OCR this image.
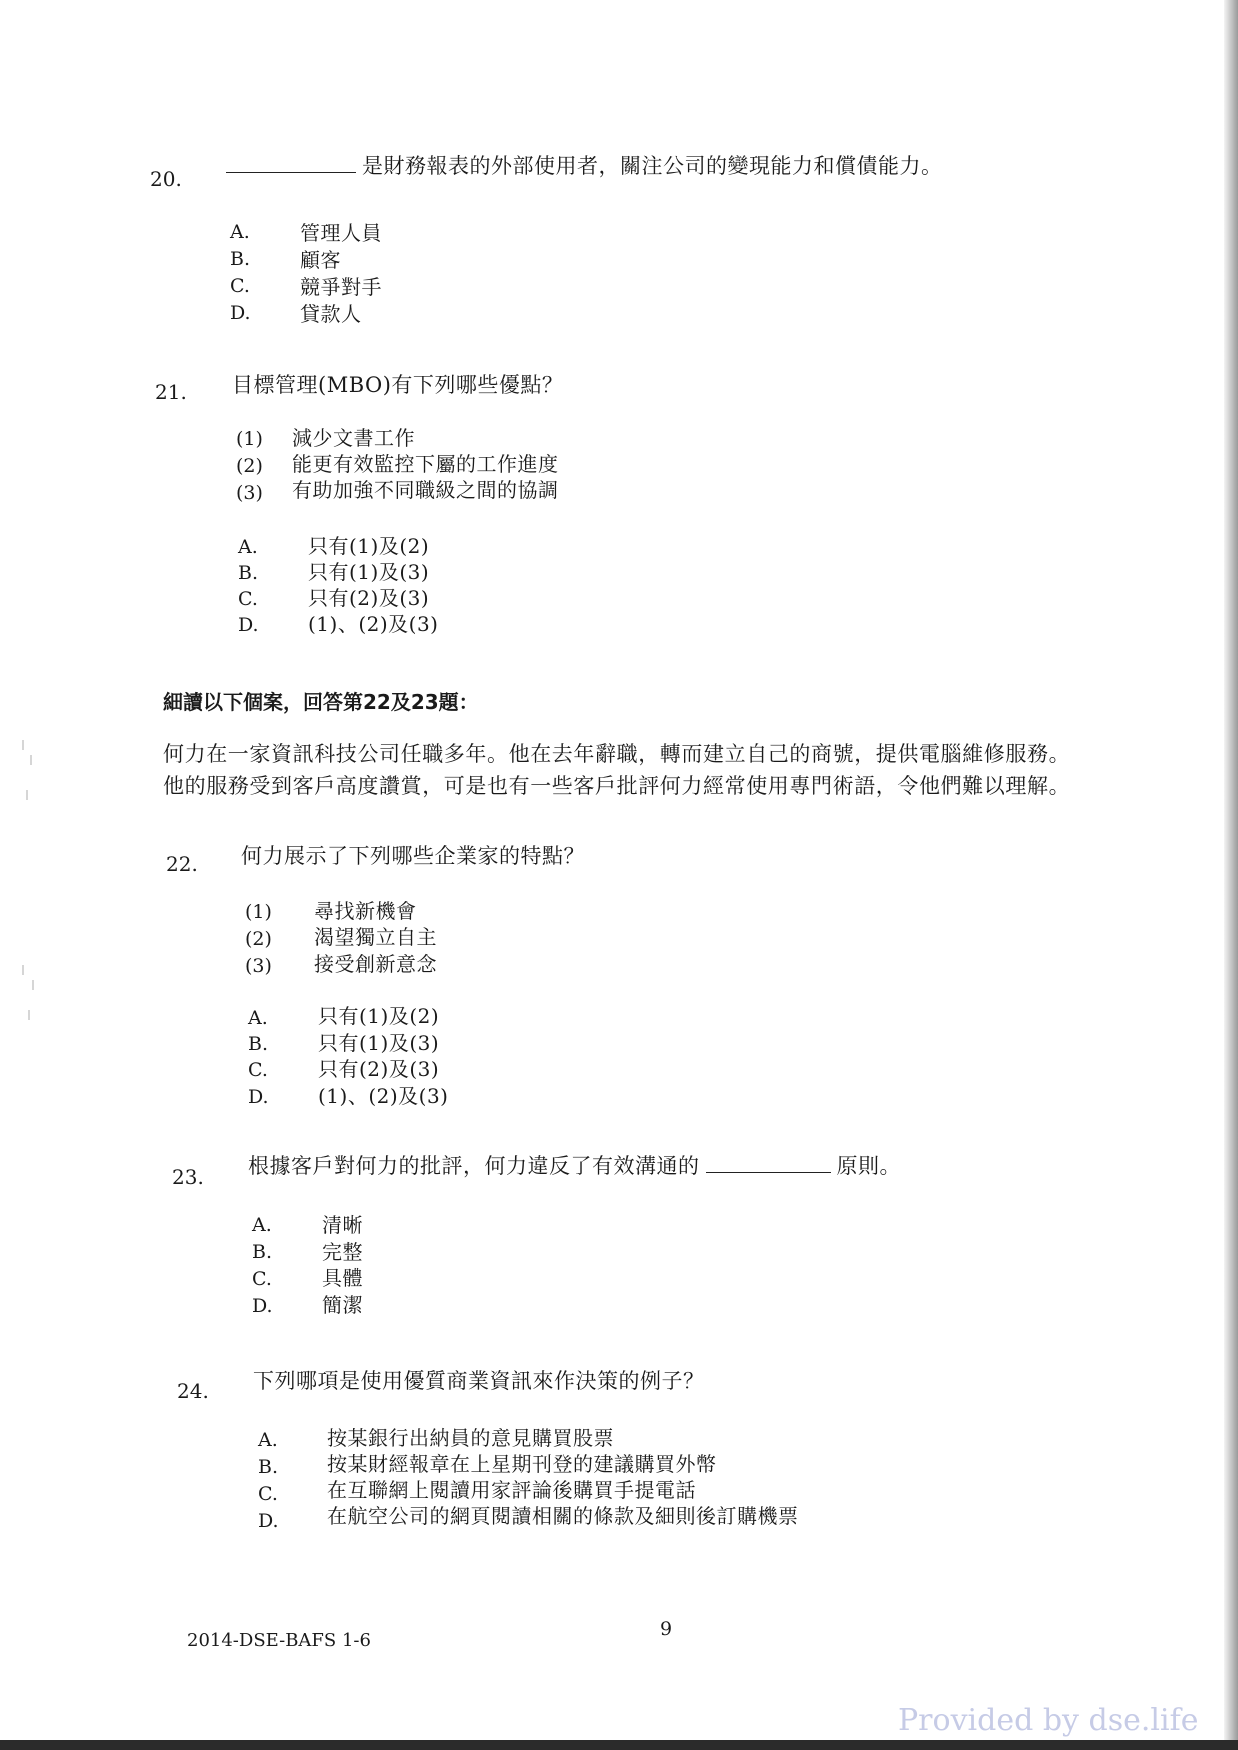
20.
是財務報表的外部使用者，關注公司的變現能力和償債能力。
A.	管理人員
B. 顧客
C.	競爭對手
D. 貸款人
21. 目標管理(MBO)有下列哪些優點？
(1) 減少文書工作
(2) 能更有效監控下屬的工作進度
(3) 有助加強不同職級之間的協調
A.	只有(1)及(2)
B. 只有(1)及(3)
C.	只有(2)及(3)
D. (1)、(2)及(3)
細讀以下個案，回答第22及23題：
何力在一家資訊科技公司任職多年。他在去年辭職，轉而建立自己的商號，提供電腦維修服務。
他的服務受到客戶高度讚賞，可是也有一些客戶批評何力經常使用專門術語，令他們難以理解。
22. 何力展示了下列哪些企業家的特點？
(1) 尋找新機會
(2) 渴望獨立自主
(3) 接受創新意念
A.	只有(1)及(2)
B. 只有(1)及(3)
C.	只有(2)及(3)
D. (1)、(2)及(3)
23. 根據客戶對何力的批評，何力違反了有效溝通的	原則。
A.	清晰
B. 完整
C.	具體
D. 簡潔
24. 下列哪項是使用優質商業資訊來作決策的例子？
A. 按某銀行出納員的意見購買股票
B. 按某財經報章在上星期刊登的建議購買外幣
C. 在互聯網上閱讀用家評論後購買手提電話
D. 在航空公司的網頁閱讀相關的條款及細則後訂購機票
2014-DSE-BAFS 1-6
9
Provided by dse.life
